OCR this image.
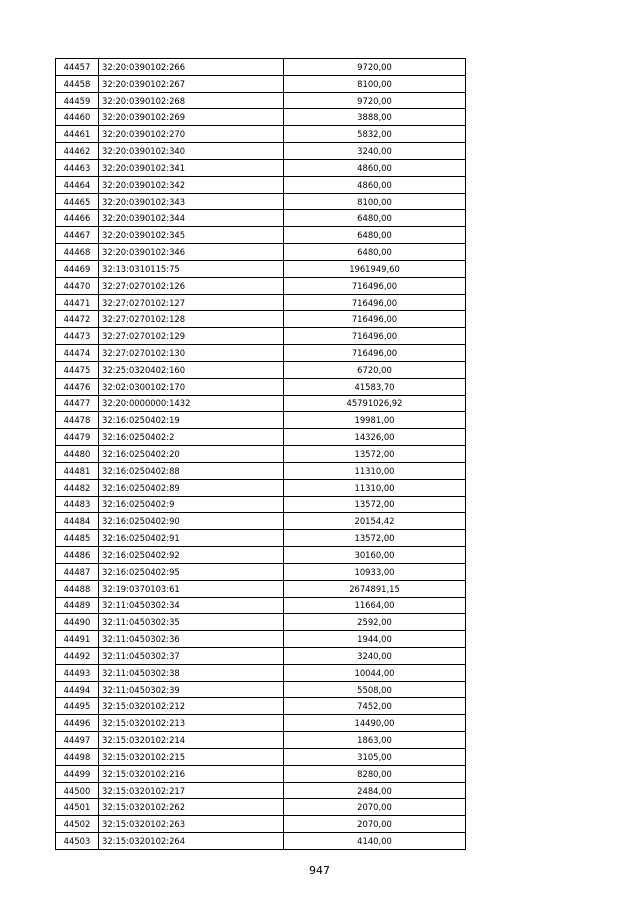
44457	32:20:0390102:266	9720,00
44458	32:20:0390102:267	8100,00
44459	32:20:0390102:268	9720,00
44460	32:20:0390102:269	3888,00
44461	32:20:0390102:270	5832,00
44462	32:20:0390102:340	3240,00
44463	32:20:0390102:341	4860,00
44464	32:20:0390102:342	4860,00
44465	32:20:0390102:343	8100,00
44466	32:20:0390102:344	6480,00
44467	32:20:0390102:345	6480,00
44468	32:20:0390102:346	6480,00
44469	32:13:0310115:75	1961949,60
44470	32:27:0270102:126	716496,00
44471	32:27:0270102:127	716496,00
44472	32:27:0270102:128	716496,00
44473	32:27:0270102:129	716496,00
44474	32:27:0270102:130	716496,00
44475	32:25:0320402:160	6720,00
44476	32:02:0300102:170	41583,70
44477	32:20:0000000:1432	45791026,92
44478	32:16:0250402:19	19981,00
44479	32:16:0250402:2	14326,00
44480	32:16:0250402:20	13572,00
44481	32:16:0250402:88	11310,00
44482	32:16:0250402:89	11310,00
44483	32:16:0250402:9	13572,00
44484	32:16:0250402:90	20154,42
44485	32:16:0250402:91	13572,00
44486	32:16:0250402:92	30160,00
44487	32:16:0250402:95	10933,00
44488	32:19:0370103:61	2674891,15
44489	32:11:0450302:34	11664,00
44490	32:11:0450302:35	2592,00
44491	32:11:0450302:36	1944,00
44492	32:11:0450302:37	3240,00
44493	32:11:0450302:38	10044,00
44494	32:11:0450302:39	5508,00
44495	32:15:0320102:212	7452,00
44496	32:15:0320102:213	14490,00
44497	32:15:0320102:214	1863,00
44498	32:15:0320102:215	3105,00
44499	32:15:0320102:216	8280,00
44500	32:15:0320102:217	2484,00
44501	32:15:0320102:262	2070,00
44502	32:15:0320102:263	2070,00
44503	32:15:0320102:264	4140,00
947
